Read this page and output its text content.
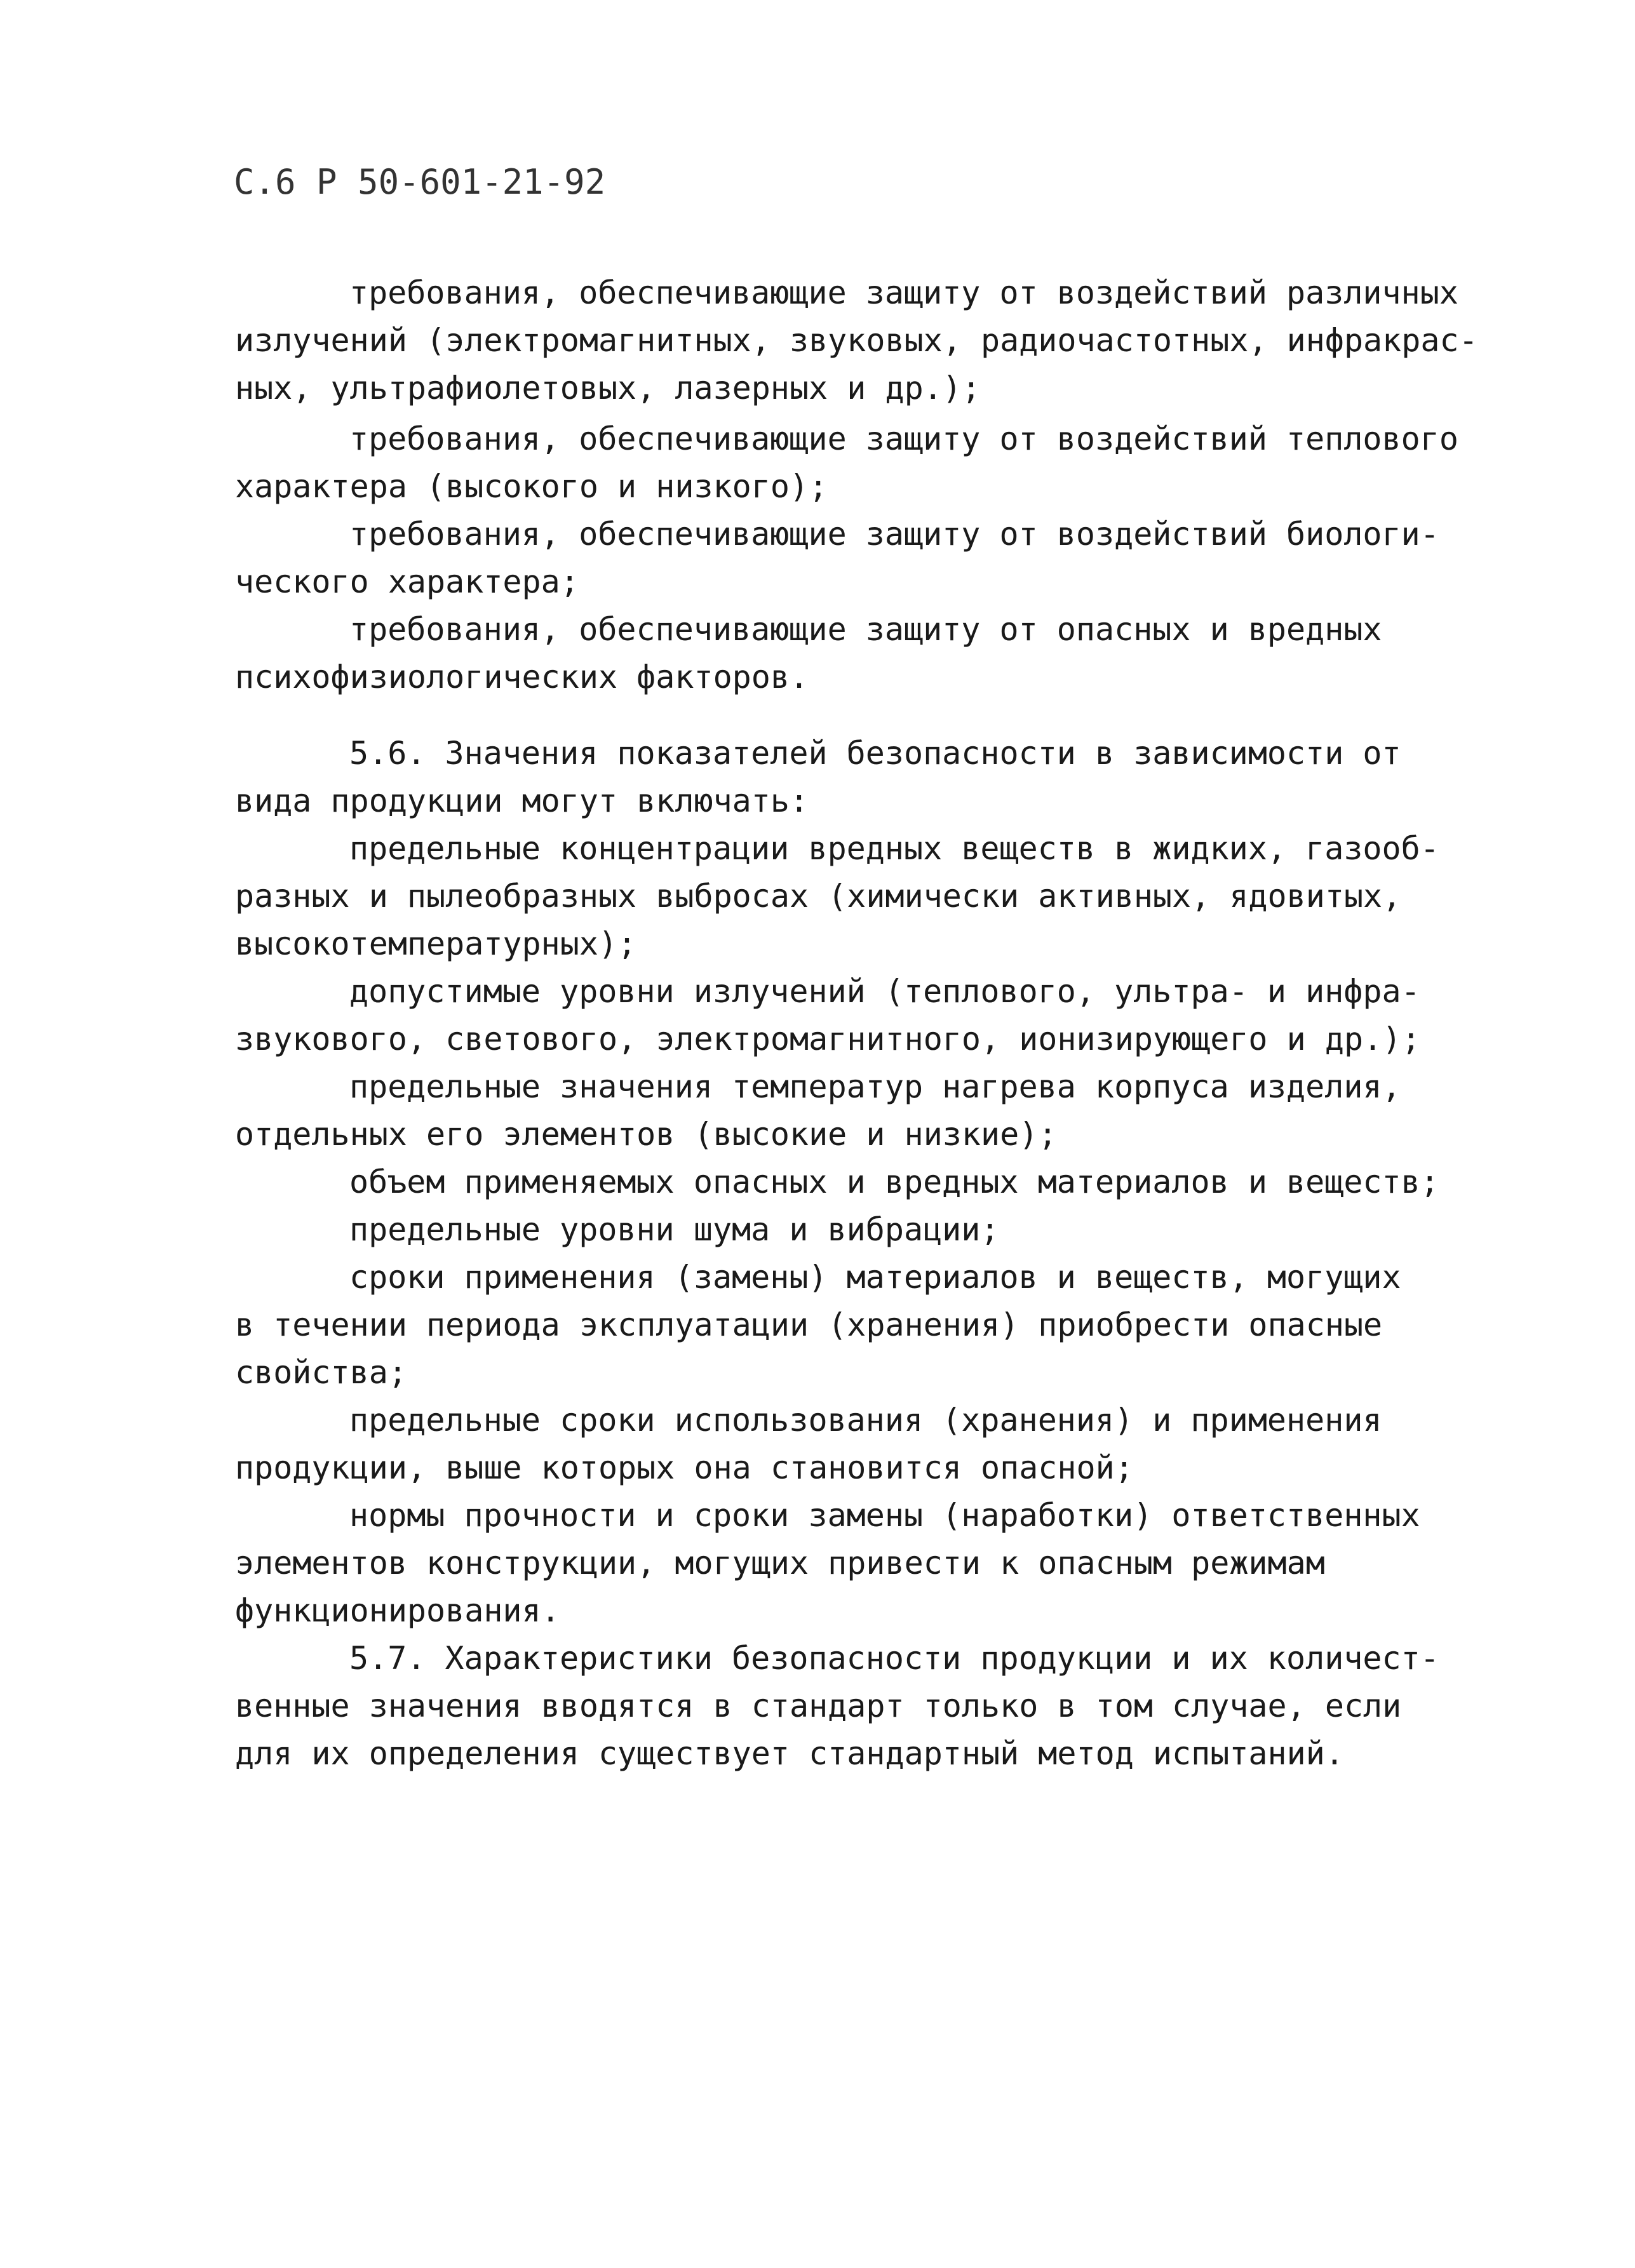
С.6 Р 50-601-21-92
требования, обеспечивающие защиту от воздействий различных
излучений (электромагнитных, звуковых, радиочастотных, инфракрас-
ных, ультрафиолетовых, лазерных и др.);
требования, обеспечивающие защиту от воздействий теплового
характера (высокого и низкого);
требования, обеспечивающие защиту от воздействий биологи-
ческого характера;
требования, обеспечивающие защиту от опасных и вредных
психофизиологических факторов.
5.6. Значения показателей безопасности в зависимости от
вида продукции могут включать:
предельные концентрации вредных веществ в жидких, газооб-
разных и пылеобразных выбросах (химически активных, ядовитых,
высокотемпературных);
допустимые уровни излучений (теплового, ультра- и инфра-
звукового, светового, электромагнитного, ионизирующего и др.);
предельные значения температур нагрева корпуса изделия,
отдельных его элементов (высокие и низкие);
объем применяемых опасных и вредных материалов и веществ;
предельные уровни шума и вибрации;
сроки применения (замены) материалов и веществ, могущих
в течении периода эксплуатации (хранения) приобрести опасные
свойства;
предельные сроки использования (хранения) и применения
продукции, выше которых она становится опасной;
нормы прочности и сроки замены (наработки) ответственных
элементов конструкции, могущих привести к опасным режимам
функционирования.
5.7. Характеристики безопасности продукции и их количест-
венные значения вводятся в стандарт только в том случае, если
для их определения существует стандартный метод испытаний.
